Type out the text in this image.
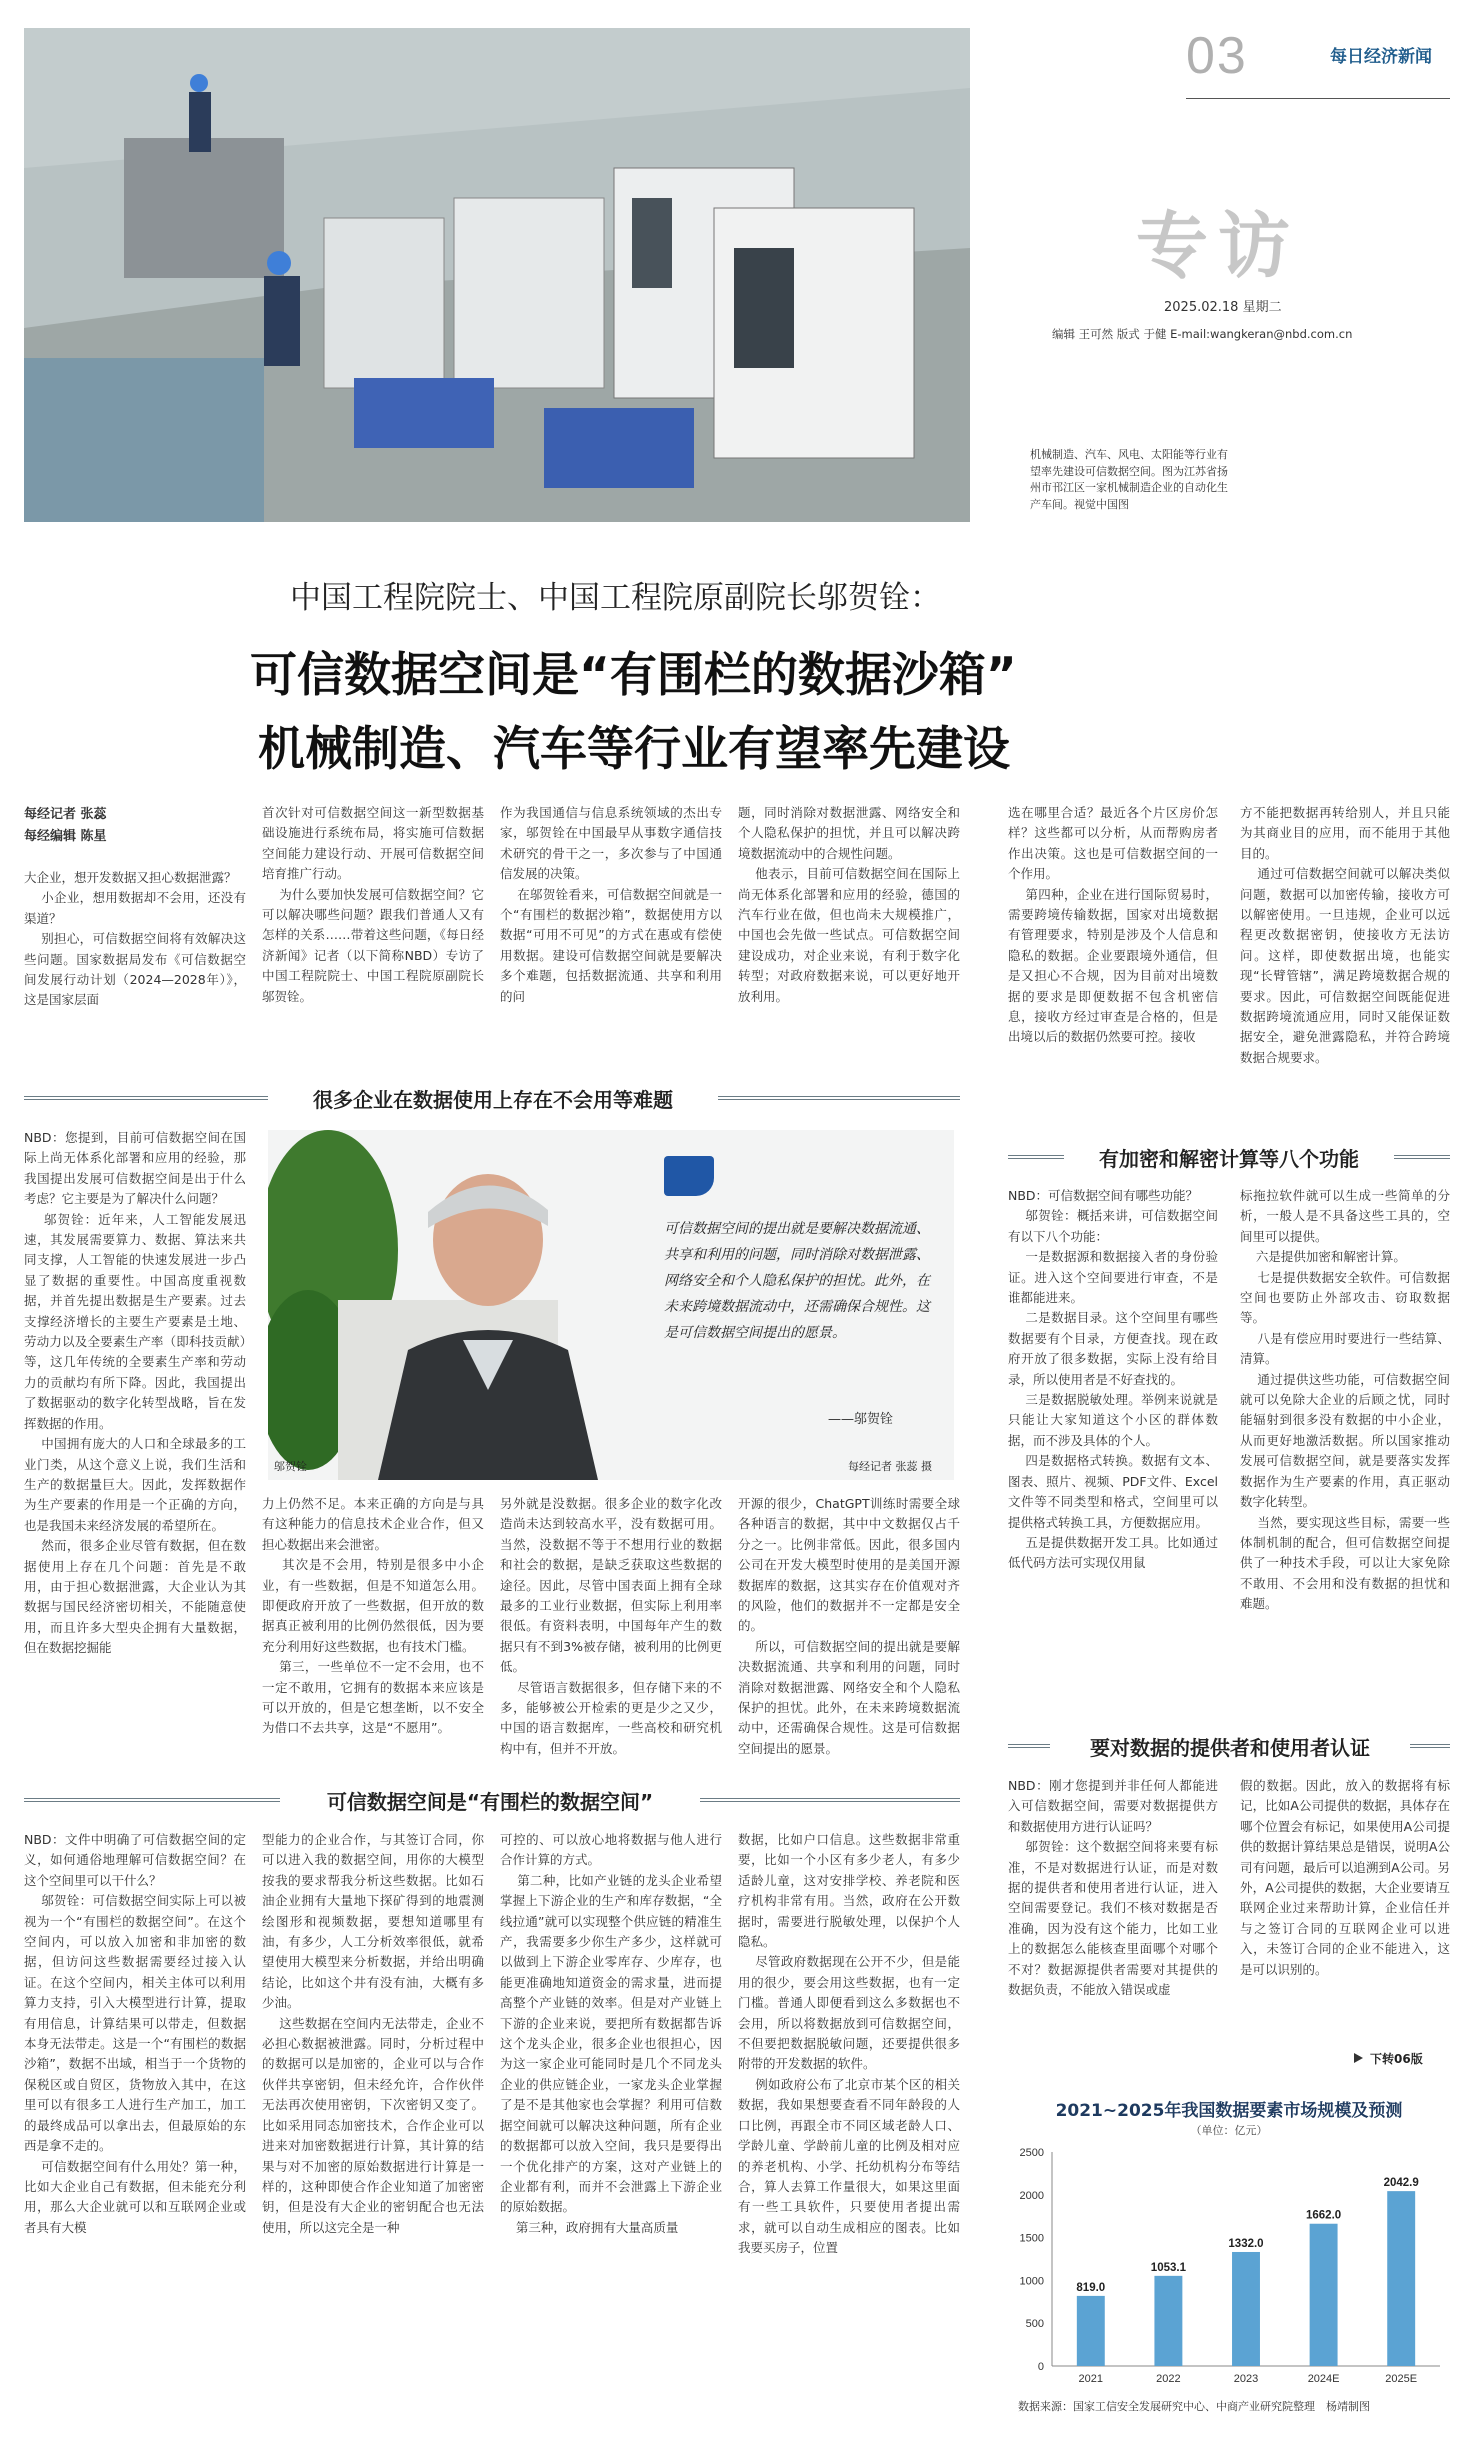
03	每日经济新闻
专访
2025.02.18 星期二
编辑 王可然 版式 于健 E-mail:wangkeran@nbd.com.cn
机械制造、汽车、风电、太阳能等行业有望率先建设可信数据空间。图为江苏省扬州市邗江区一家机械制造企业的自动化生产车间。视觉中国图
中国工程院院士、中国工程院原副院长邬贺铨：
可信数据空间是“有围栏的数据沙箱”
机械制造、汽车等行业有望率先建设
每经记者 张蕊
每经编辑 陈星
大企业，想开发数据又担心数据泄露？
小企业，想用数据却不会用，还没有渠道？
别担心，可信数据空间将有效解决这些问题。国家数据局发布《可信数据空间发展行动计划（2024—2028年）》，这是国家层面
首次针对可信数据空间这一新型数据基础设施进行系统布局，将实施可信数据空间能力建设行动、开展可信数据空间培育推广行动。
为什么要加快发展可信数据空间？它可以解决哪些问题？跟我们普通人又有怎样的关系……带着这些问题，《每日经济新闻》记者（以下简称NBD）专访了中国工程院院士、中国工程院原副院长邬贺铨。
作为我国通信与信息系统领域的杰出专家，邬贺铨在中国最早从事数字通信技术研究的骨干之一，多次参与了中国通信发展的决策。
在邬贺铨看来，可信数据空间就是一个“有围栏的数据沙箱”，数据使用方以数据“可用不可见”的方式在惠或有偿使用数据。建设可信数据空间就是要解决多个难题，包括数据流通、共享和利用的问
题，同时消除对数据泄露、网络安全和个人隐私保护的担忧，并且可以解决跨境数据流动中的合规性问题。
他表示，目前可信数据空间在国际上尚无体系化部署和应用的经验，德国的汽车行业在做，但也尚未大规模推广，中国也会先做一些试点。可信数据空间建设成功，对企业来说，有利于数字化转型；对政府数据来说，可以更好地开放利用。
选在哪里合适？最近各个片区房价怎样？这些都可以分析，从而帮购房者作出决策。这也是可信数据空间的一个作用。
第四种，企业在进行国际贸易时，需要跨境传输数据，国家对出境数据有管理要求，特别是涉及个人信息和隐私的数据。企业要跟境外通信，但是又担心不合规，因为目前对出境数据的要求是即便数据不包含机密信息，接收方经过审查是合格的，但是出境以后的数据仍然要可控。接收
方不能把数据再转给别人，并且只能为其商业目的应用，而不能用于其他目的。
通过可信数据空间就可以解决类似问题，数据可以加密传输，接收方可以解密使用。一旦违规，企业可以远程更改数据密钥，使接收方无法访问。这样，即使数据出境，也能实现“长臂管辖”，满足跨境数据合规的要求。因此，可信数据空间既能促进数据跨境流通应用，同时又能保证数据安全，避免泄露隐私，并符合跨境数据合规要求。
很多企业在数据使用上存在不会用等难题
NBD：您提到，目前可信数据空间在国际上尚无体系化部署和应用的经验，那我国提出发展可信数据空间是出于什么考虑？它主要是为了解决什么问题？
邬贺铨：近年来，人工智能发展迅速，其发展需要算力、数据、算法来共同支撑，人工智能的快速发展进一步凸显了数据的重要性。中国高度重视数据，并首先提出数据是生产要素。过去支撑经济增长的主要生产要素是土地、劳动力以及全要素生产率（即科技贡献）等，这几年传统的全要素生产率和劳动力的贡献均有所下降。因此，我国提出了数据驱动的数字化转型战略，旨在发挥数据的作用。
中国拥有庞大的人口和全球最多的工业门类，从这个意义上说，我们生活和生产的数据量巨大。因此，发挥数据作为生产要素的作用是一个正确的方向，也是我国未来经济发展的希望所在。
然而，很多企业尽管有数据，但在数据使用上存在几个问题：首先是不敢用，由于担心数据泄露，大企业认为其数据与国民经济密切相关，不能随意使用，而且许多大型央企拥有大量数据，但在数据挖掘能
可信数据空间的提出就是要解决数据流通、共享和利用的问题，同时消除对数据泄露、网络安全和个人隐私保护的担忧。此外，在未来跨境数据流动中，还需确保合规性。这是可信数据空间提出的愿景。
——邬贺铨
邬贺铨	每经记者 张蕊 摄
力上仍然不足。本来正确的方向是与具有这种能力的信息技术企业合作，但又担心数据出来会泄密。
其次是不会用，特别是很多中小企业，有一些数据，但是不知道怎么用。即便政府开放了一些数据，但开放的数据真正被利用的比例仍然很低，因为要充分利用好这些数据，也有技术门槛。
第三，一些单位不一定不会用，也不一定不敢用，它拥有的数据本来应该是可以开放的，但是它想垄断，以不安全为借口不去共享，这是“不愿用”。
另外就是没数据。很多企业的数字化改造尚未达到较高水平，没有数据可用。当然，没数据不等于不想用行业的数据和社会的数据，是缺乏获取这些数据的途径。因此，尽管中国表面上拥有全球最多的工业行业数据，但实际上利用率很低。有资料表明，中国每年产生的数据只有不到3%被存储，被利用的比例更低。
尽管语言数据很多，但存储下来的不多，能够被公开检索的更是少之又少，中国的语言数据库，一些高校和研究机构中有，但并不开放。
开源的很少，ChatGPT训练时需要全球各种语言的数据，其中中文数据仅占千分之一。比例非常低。因此，很多国内公司在开发大模型时使用的是美国开源数据库的数据，这其实存在价值观对齐的风险，他们的数据并不一定都是安全的。
所以，可信数据空间的提出就是要解决数据流通、共享和利用的问题，同时消除对数据泄露、网络安全和个人隐私保护的担忧。此外，在未来跨境数据流动中，还需确保合规性。这是可信数据空间提出的愿景。
可信数据空间是“有围栏的数据空间”
NBD：文件中明确了可信数据空间的定义，如何通俗地理解可信数据空间？在这个空间里可以干什么？
邬贺铨：可信数据空间实际上可以被视为一个“有围栏的数据空间”。在这个空间内，可以放入加密和非加密的数据，但访问这些数据需要经过接入认证。在这个空间内，相关主体可以利用算力支持，引入大模型进行计算，提取有用信息，计算结果可以带走，但数据本身无法带走。这是一个“有围栏的数据沙箱”，数据不出域，相当于一个货物的保税区或自贸区，货物放入其中，在这里可以有很多工人进行生产加工，加工的最终成品可以拿出去，但最原始的东西是拿不走的。
可信数据空间有什么用处？第一种，比如大企业自己有数据，但未能充分利用，那么大企业就可以和互联网企业或者具有大模
型能力的企业合作，与其签订合同，你可以进入我的数据空间，用你的大模型按我的要求帮我分析这些数据。比如石油企业拥有大量地下探矿得到的地震测绘图形和视频数据，要想知道哪里有油，有多少，人工分析效率很低，就希望使用大模型来分析数据，并给出明确结论，比如这个井有没有油，大概有多少油。
这些数据在空间内无法带走，企业不必担心数据被泄露。同时，分析过程中的数据可以是加密的，企业可以与合作伙伴共享密钥，但未经允许，合作伙伴无法再次使用密钥，下次密钥又变了。比如采用同态加密技术，合作企业可以进来对加密数据进行计算，其计算的结果与对不加密的原始数据进行计算是一样的，这种即使合作企业知道了加密密钥，但是没有大企业的密钥配合也无法使用，所以这完全是一种
可控的、可以放心地将数据与他人进行合作计算的方式。
第二种，比如产业链的龙头企业希望掌握上下游企业的生产和库存数据，“全线拉通”就可以实现整个供应链的精准生产，我需要多少你生产多少，这样就可以做到上下游企业零库存、少库存，也能更准确地知道资金的需求量，进而提高整个产业链的效率。但是对产业链上下游的企业来说，要把所有数据都告诉这个龙头企业，很多企业也很担心，因为这一家企业可能同时是几个不同龙头企业的供应链企业，一家龙头企业掌握了是不是其他家也会掌握？利用可信数据空间就可以解决这种问题，所有企业的数据都可以放入空间，我只是要得出一个优化排产的方案，这对产业链上的企业都有利，而并不会泄露上下游企业的原始数据。
第三种，政府拥有大量高质量
数据，比如户口信息。这些数据非常重要，比如一个小区有多少老人，有多少适龄儿童，这对安排学校、养老院和医疗机构非常有用。当然，政府在公开数据时，需要进行脱敏处理，以保护个人隐私。
尽管政府数据现在公开不少，但是能用的很少，要会用这些数据，也有一定门槛。普通人即便看到这么多数据也不会用，所以将数据放到可信数据空间，不但要把数据脱敏问题，还要提供很多附带的开发数据的软件。
例如政府公布了北京市某个区的相关数据，我如果想要查看不同年龄段的人口比例，再跟全市不同区域老龄人口、学龄儿童、学龄前儿童的比例及相对应的养老机构、小学、托幼机构分布等结合，算人去算工作量很大，如果这里面有一些工具软件，只要使用者提出需求，就可以自动生成相应的图表。比如我要买房子，位置
有加密和解密计算等八个功能
NBD：可信数据空间有哪些功能？
邬贺铨：概括来讲，可信数据空间有以下八个功能：
一是数据源和数据接入者的身份验证。进入这个空间要进行审查，不是谁都能进来。
二是数据目录。这个空间里有哪些数据要有个目录，方便查找。现在政府开放了很多数据，实际上没有给目录，所以使用者是不好查找的。
三是数据脱敏处理。举例来说就是只能让大家知道这个小区的群体数据，而不涉及具体的个人。
四是数据格式转换。数据有文本、图表、照片、视频、PDF文件、Excel文件等不同类型和格式，空间里可以提供格式转换工具，方便数据应用。
五是提供数据开发工具。比如通过低代码方法可实现仅用鼠
标拖拉软件就可以生成一些简单的分析，一般人是不具备这些工具的，空间里可以提供。
六是提供加密和解密计算。
七是提供数据安全软件。可信数据空间也要防止外部攻击、窃取数据等。
八是有偿应用时要进行一些结算、清算。
通过提供这些功能，可信数据空间就可以免除大企业的后顾之忧，同时能辐射到很多没有数据的中小企业，从而更好地激活数据。所以国家推动发展可信数据空间，就是要落实发挥数据作为生产要素的作用，真正驱动数字化转型。
当然，要实现这些目标，需要一些体制机制的配合，但可信数据空间提供了一种技术手段，可以让大家免除不敢用、不会用和没有数据的担忧和难题。
要对数据的提供者和使用者认证
NBD：刚才您提到并非任何人都能进入可信数据空间，需要对数据提供方和数据使用方进行认证吗？
邬贺铨：这个数据空间将来要有标准，不是对数据进行认证，而是对数据的提供者和使用者进行认证，进入空间需要登记。我们不核对数据是否准确，因为没有这个能力，比如工业上的数据怎么能核查里面哪个对哪个不对？数据源提供者需要对其提供的数据负责，不能放入错误或虚
假的数据。因此，放入的数据将有标记，比如A公司提供的数据，具体存在哪个位置会有标记，如果使用A公司提供的数据计算结果总是错误，说明A公司有问题，最后可以追溯到A公司。另外，A公司提供的数据，大企业要请互联网企业过来帮助计算，企业信任并与之签订合同的互联网企业可以进入，未签订合同的企业不能进入，这是可以识别的。
下转06版
2021~2025年我国数据要素市场规模及预测
（单位：亿元）
0
500
1000
1500
2000
2500
819.0
2021
1053.1
2022
1332.0
2023
1662.0
2024E
2042.9
2025E
数据来源：国家工信安全发展研究中心、中商产业研究院整理　杨靖制图
